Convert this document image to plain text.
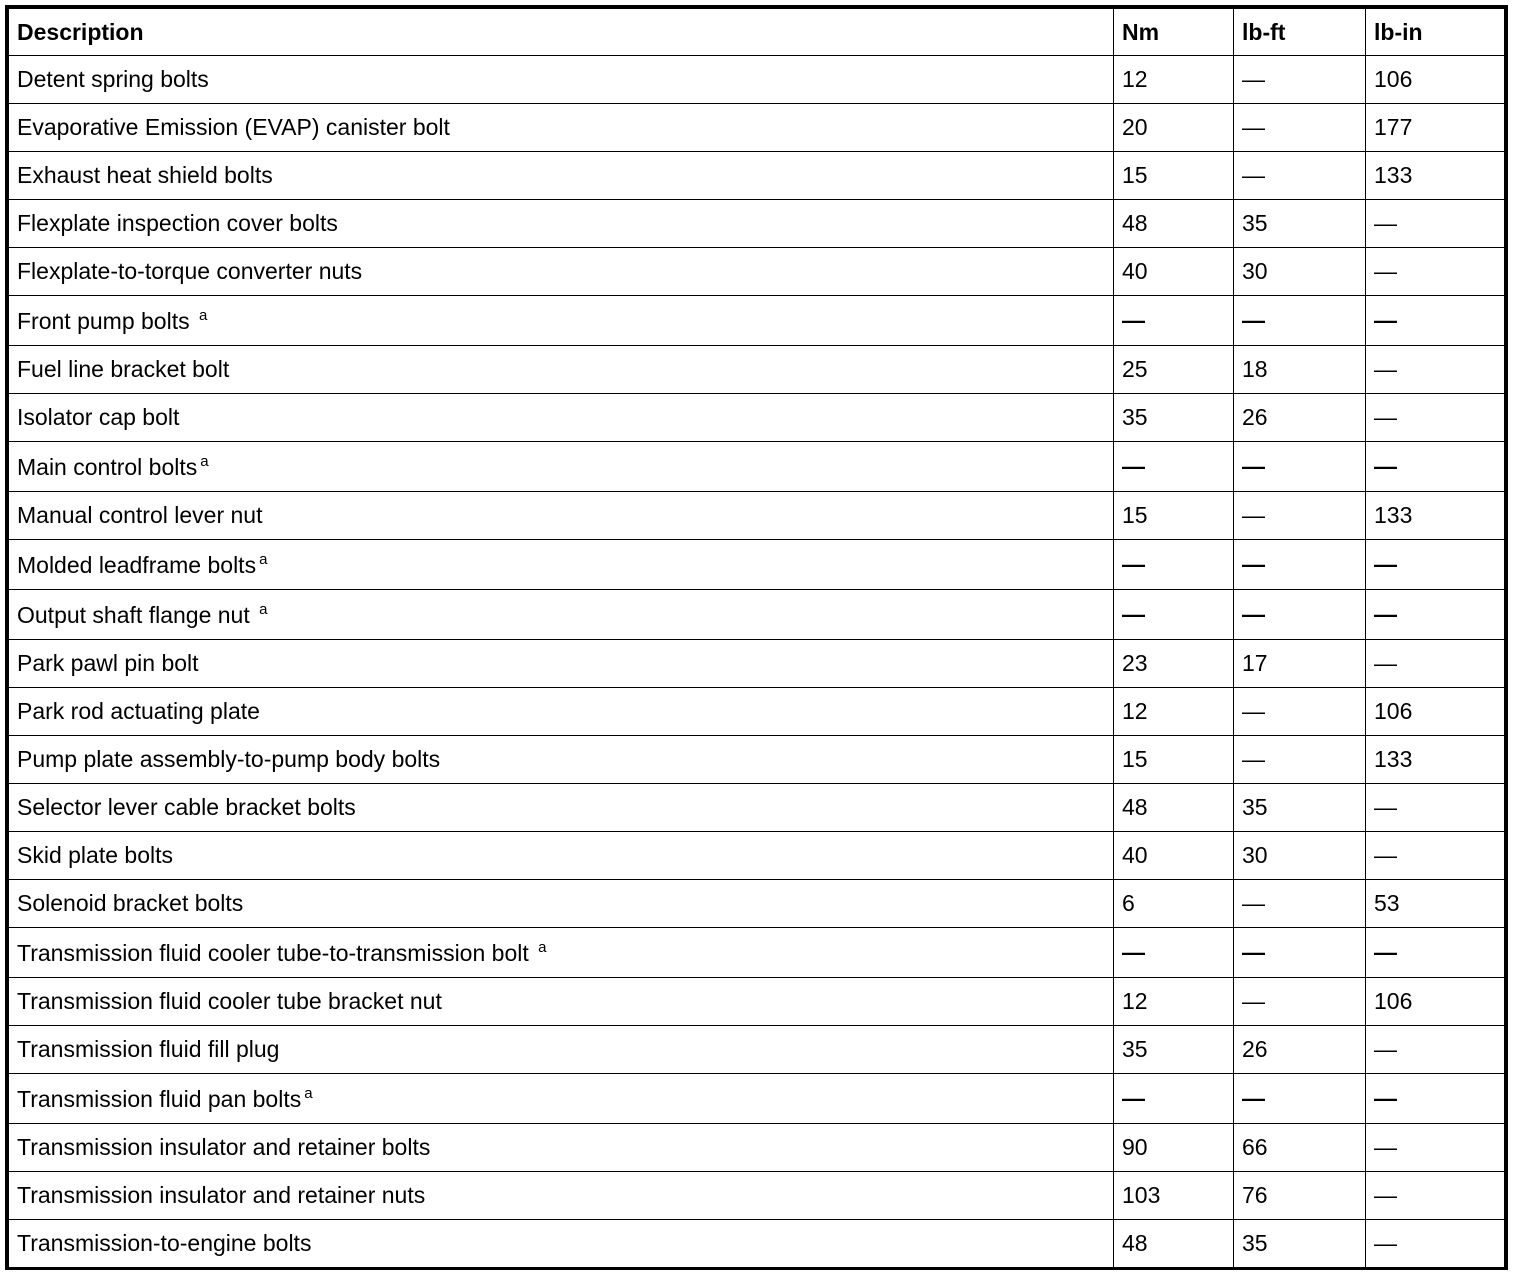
Description	Nm	lb-ft	lb-in
Detent spring bolts	12	—	106
Evaporative Emission (EVAP) canister bolt	20	—	177
Exhaust heat shield bolts	15	—	133
Flexplate inspection cover bolts	48	35	—
Flexplate-to-torque converter nuts	40	30	—
Front pump bolts $^a$	—	—	—
Fuel line bracket bolt	25	18	—
Isolator cap bolt	35	26	—
Main control bolts $^a$	—	—	—
Manual control lever nut	15	—	133
Molded leadframe bolts $^a$	—	—	—
Output shaft flange nut $^a$	—	—	—
Park pawl pin bolt	23	17	—
Park rod actuating plate	12	—	106
Pump plate assembly-to-pump body bolts	15	—	133
Selector lever cable bracket bolts	48	35	—
Skid plate bolts	40	30	—
Solenoid bracket bolts	6	—	53
Transmission fluid cooler tube-to-transmission bolt $^a$	—	—	—
Transmission fluid cooler tube bracket nut	12	—	106
Transmission fluid fill plug	35	26	—
Transmission fluid pan bolts $^a$	—	—	—
Transmission insulator and retainer bolts	90	66	—
Transmission insulator and retainer nuts	103	76	—
Transmission-to-engine bolts	48	35	—
